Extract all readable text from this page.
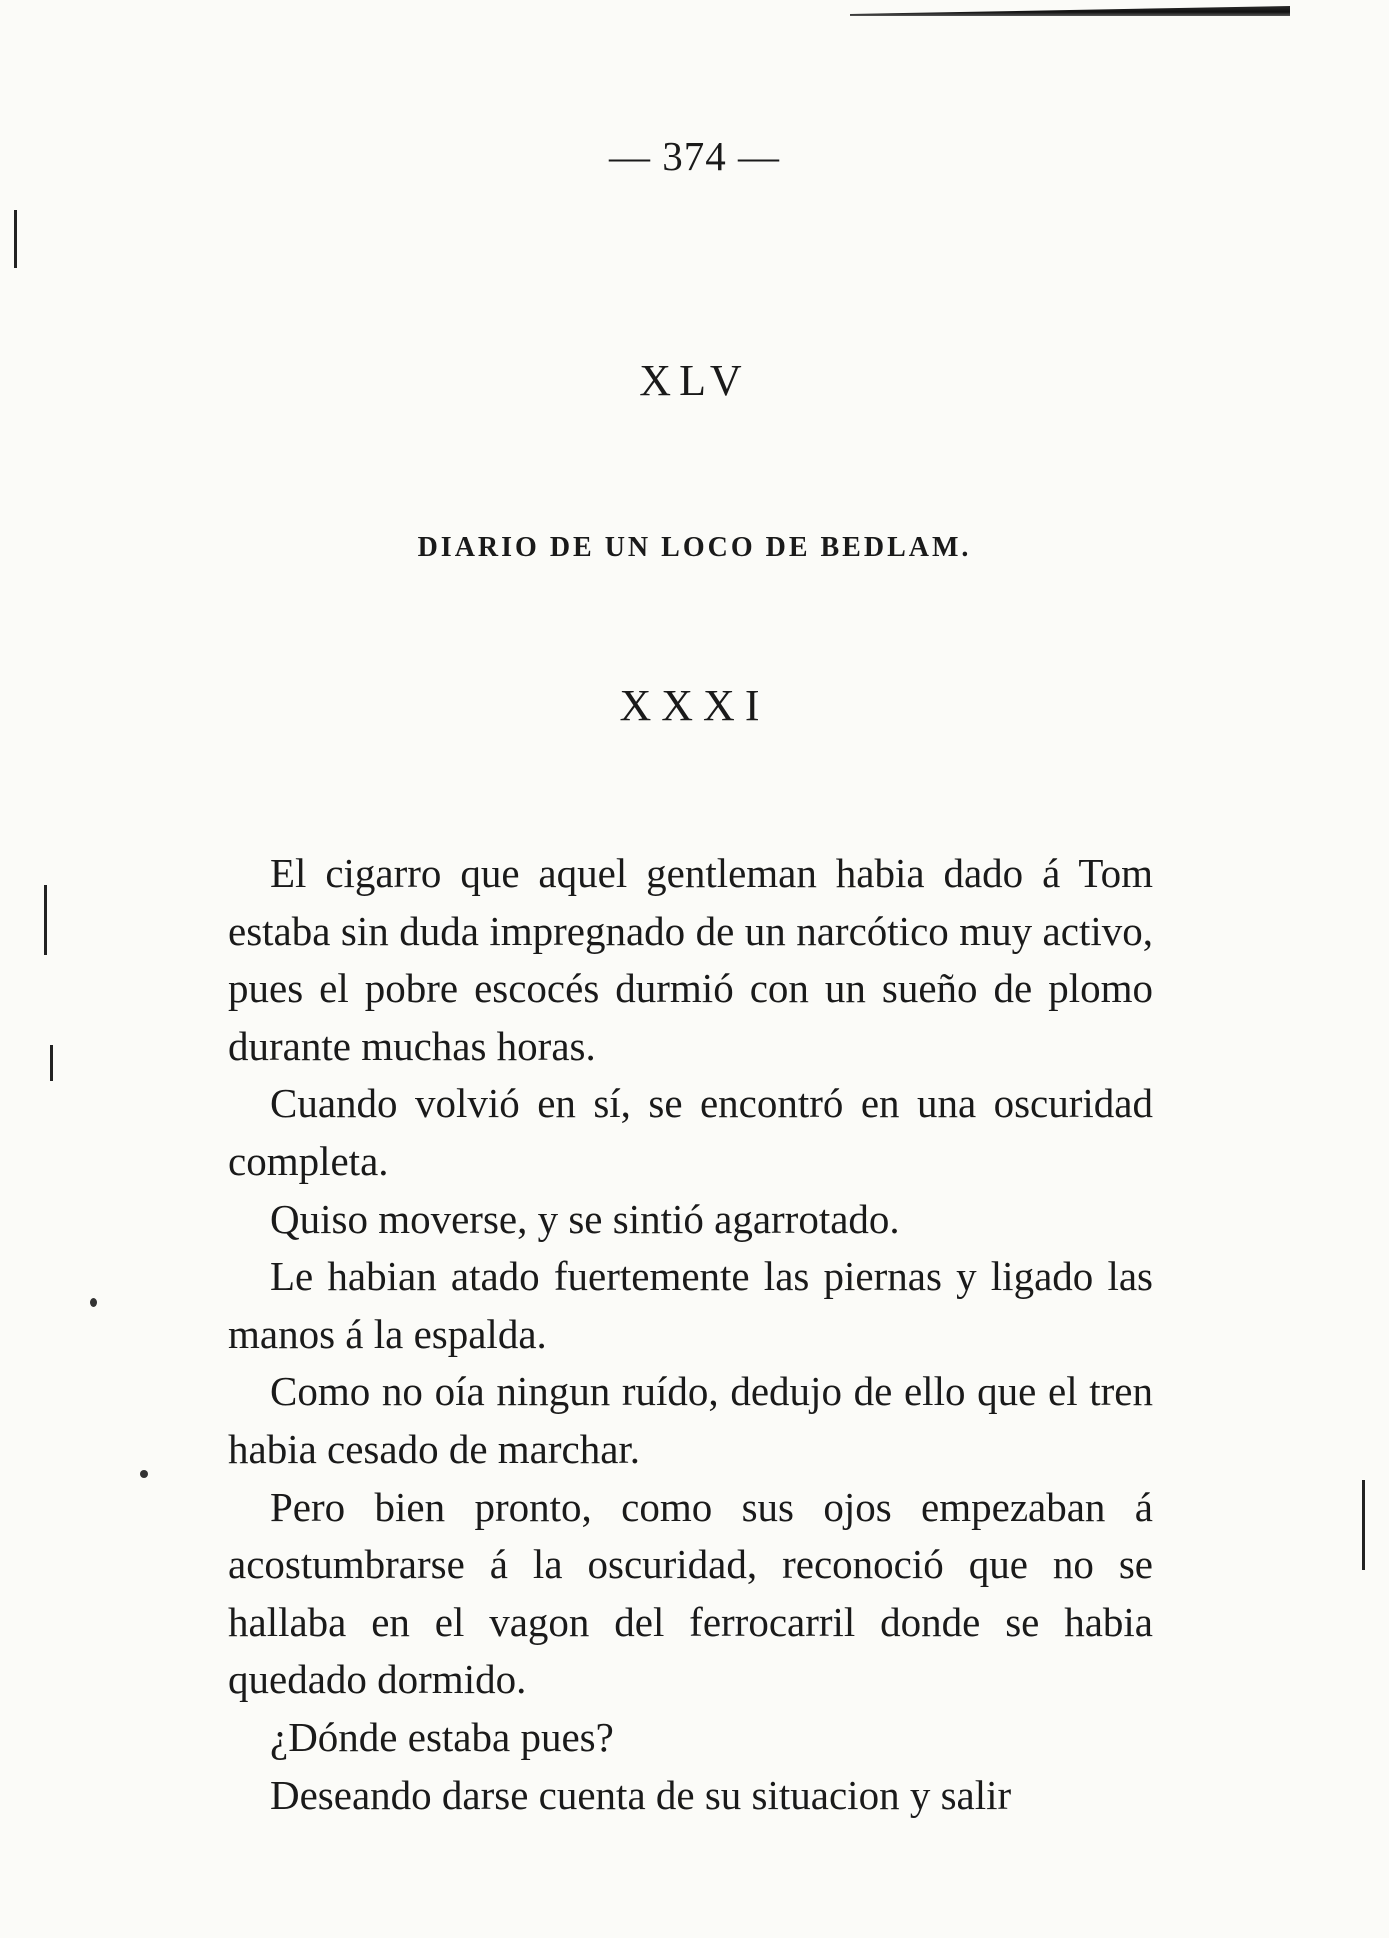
— 374 —
XLV
DIARIO DE UN LOCO DE BEDLAM.
XXXI

El cigarro que aquel gentleman habia dado á Tom estaba sin duda impregnado de un narcótico muy activo, pues el pobre escocés durmió con un sueño de plomo durante muchas horas.

Cuando volvió en sí, se encontró en una oscuridad completa.

Quiso moverse, y se sintió agarrotado.

Le habian atado fuertemente las piernas y ligado las manos á la espalda.

Como no oía ningun ruído, dedujo de ello que el tren habia cesado de marchar.

Pero bien pronto, como sus ojos empezaban á acostumbrarse á la oscuridad, reconoció que no se hallaba en el vagon del ferrocarril donde se habia quedado dormido.

¿Dónde estaba pues?

Deseando darse cuenta de su situacion y salir
